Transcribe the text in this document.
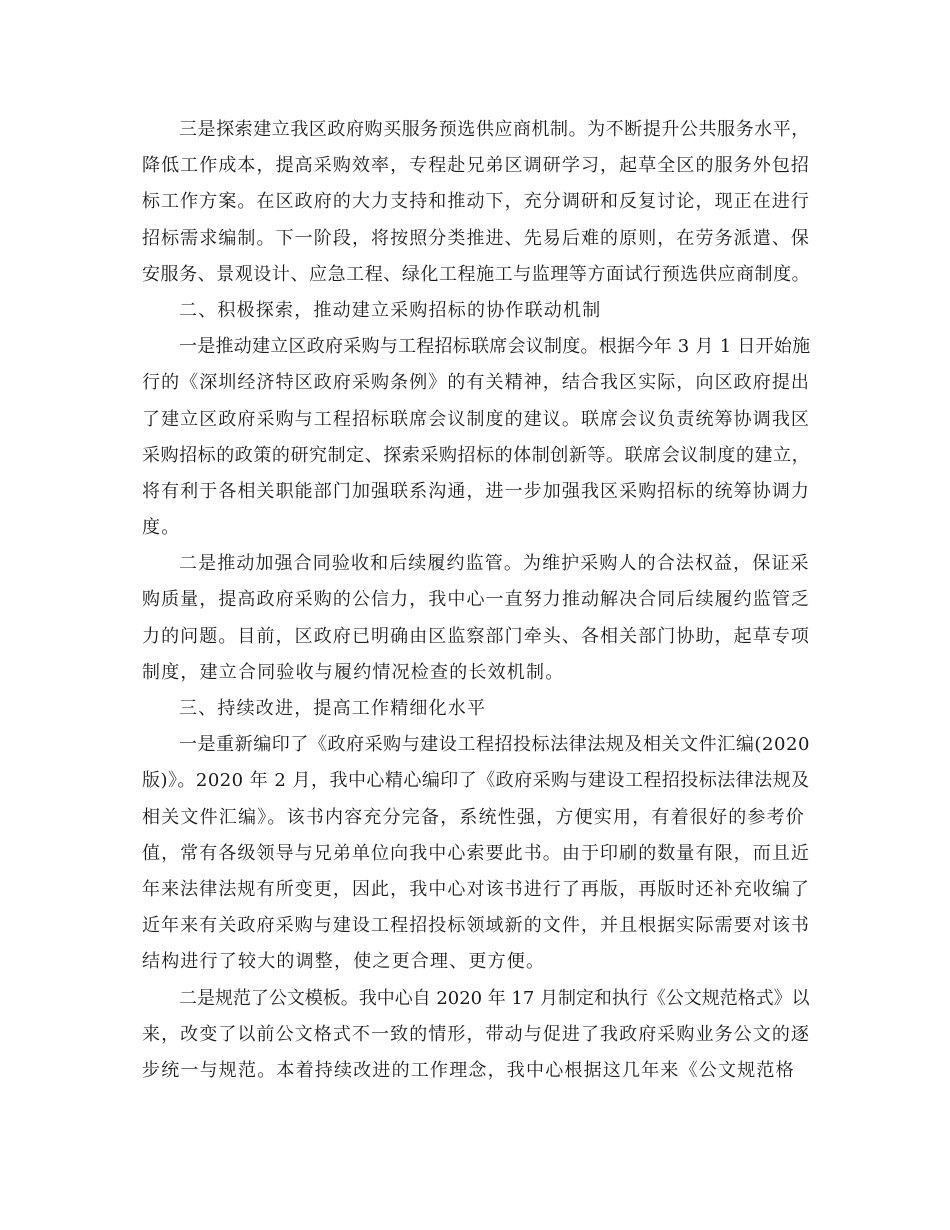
三是探索建立我区政府购买服务预选供应商机制。为不断提升公共服务水平，
降低工作成本，提高采购效率，专程赴兄弟区调研学习，起草全区的服务外包招
标工作方案。在区政府的大力支持和推动下，充分调研和反复讨论，现正在进行
招标需求编制。下一阶段，将按照分类推进、先易后难的原则，在劳务派遣、保
安服务、景观设计、应急工程、绿化工程施工与监理等方面试行预选供应商制度。
二、积极探索，推动建立采购招标的协作联动机制
一是推动建立区政府采购与工程招标联席会议制度。根据今年 3 月 1 日开始施
行的《深圳经济特区政府采购条例》的有关精神，结合我区实际，向区政府提出
了建立区政府采购与工程招标联席会议制度的建议。联席会议负责统筹协调我区
采购招标的政策的研究制定、探索采购招标的体制创新等。联席会议制度的建立，
将有利于各相关职能部门加强联系沟通，进一步加强我区采购招标的统筹协调力
度。
二是推动加强合同验收和后续履约监管。为维护采购人的合法权益，保证采
购质量，提高政府采购的公信力，我中心一直努力推动解决合同后续履约监管乏
力的问题。目前，区政府已明确由区监察部门牵头、各相关部门协助，起草专项
制度，建立合同验收与履约情况检查的长效机制。
三、持续改进，提高工作精细化水平
一是重新编印了《政府采购与建设工程招投标法律法规及相关文件汇编(2020
版)》。2020 年 2 月，我中心精心编印了《政府采购与建设工程招投标法律法规及
相关文件汇编》。该书内容充分完备，系统性强，方便实用，有着很好的参考价
值，常有各级领导与兄弟单位向我中心索要此书。由于印刷的数量有限，而且近
年来法律法规有所变更，因此，我中心对该书进行了再版，再版时还补充收编了
近年来有关政府采购与建设工程招投标领域新的文件，并且根据实际需要对该书
结构进行了较大的调整，使之更合理、更方便。
二是规范了公文模板。我中心自 2020 年 17 月制定和执行《公文规范格式》以
来，改变了以前公文格式不一致的情形，带动与促进了我政府采购业务公文的逐
步统一与规范。本着持续改进的工作理念，我中心根据这几年来《公文规范格
